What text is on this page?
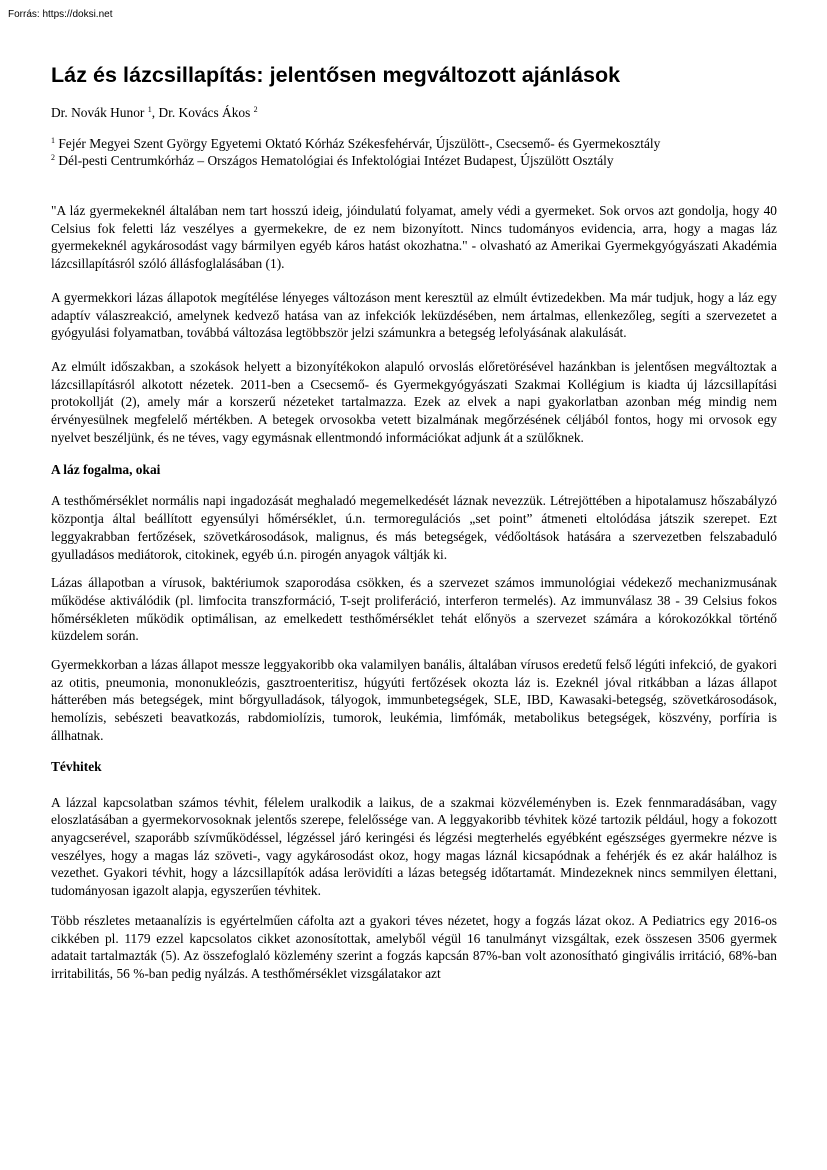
Forrás: https://doksi.net
Láz és lázcsillapítás: jelentősen megváltozott ajánlások
Dr. Novák Hunor $^1$, Dr. Kovács Ákos $^2$
$^1$ Fejér Megyei Szent György Egyetemi Oktató Kórház Székesfehérvár, Újszülött-, Csecsemő- és Gyermekosztály
$^2$ Dél-pesti Centrumkórház – Országos Hematológiai és Infektológiai Intézet Budapest, Újszülött Osztály

"A láz gyermekeknél általában nem tart hosszú ideig, jóindulatú folyamat, amely védi a gyermeket. Sok orvos azt gondolja, hogy 40 Celsius fok feletti láz veszélyes a gyermekekre, de ez nem bizonyított. Nincs tudományos evidencia, arra, hogy a magas láz gyermekeknél agykárosodást vagy bármilyen egyéb káros hatást okozhatna." - olvasható az Amerikai Gyermekgyógyászati Akadémia lázcsillapításról szóló állásfoglalásában (1).

A gyermekkori lázas állapotok megítélése lényeges változáson ment keresztül az elmúlt évtizedekben. Ma már tudjuk, hogy a láz egy adaptív válaszreakció, amelynek kedvező hatása van az infekciók leküzdésében, nem ártalmas, ellenkezőleg, segíti a szervezetet a gyógyulási folyamatban, továbbá változása legtöbbször jelzi számunkra a betegség lefolyásának alakulását.

Az elmúlt időszakban, a szokások helyett a bizonyítékokon alapuló orvoslás előretörésével hazánkban is jelentősen megváltoztak a lázcsillapításról alkotott nézetek. 2011-ben a Csecsemő- és Gyermekgyógyászati Szakmai Kollégium is kiadta új lázcsillapítási protokollját (2), amely már a korszerű nézeteket tartalmazza. Ezek az elvek a napi gyakorlatban azonban még mindig nem érvényesülnek megfelelő mértékben. A betegek orvosokba vetett bizalmának megőrzésének céljából fontos, hogy mi orvosok egy nyelvet beszéljünk, és ne téves, vagy egymásnak ellentmondó információkat adjunk át a szülőknek.

A láz fogalma, okai

A testhőmérséklet normális napi ingadozását meghaladó megemelkedését láznak nevezzük. Létrejöttében a hipotalamusz hőszabályzó központja által beállított egyensúlyi hőmérséklet, ú.n. termoregulációs „set point” átmeneti eltolódása játszik szerepet. Ezt leggyakrabban fertőzések, szövetkárosodások, malignus, és más betegségek, védőoltások hatására a szervezetben felszabaduló gyulladásos mediátorok, citokinek, egyéb ú.n. pirogén anyagok váltják ki.

Lázas állapotban a vírusok, baktériumok szaporodása csökken, és a szervezet számos immunológiai védekező mechanizmusának működése aktiválódik (pl. limfocita transzformáció, T-sejt proliferáció, interferon termelés). Az immunválasz 38 - 39 Celsius fokos hőmérsékleten működik optimálisan, az emelkedett testhőmérséklet tehát előnyös a szervezet számára a kórokozókkal történő küzdelem során.

Gyermekkorban a lázas állapot messze leggyakoribb oka valamilyen banális, általában vírusos eredetű felső légúti infekció, de gyakori az otitis, pneumonia, mononukleózis, gasztroenteritisz, húgyúti fertőzések okozta láz is. Ezeknél jóval ritkábban a lázas állapot hátterében más betegségek, mint bőrgyulladások, tályogok, immunbetegségek, SLE, IBD, Kawasaki-betegség, szövetkárosodások, hemolízis, sebészeti beavatkozás, rabdomiolízis, tumorok, leukémia, limfómák, metabolikus betegségek, köszvény, porfíria is állhatnak.

Tévhitek

A lázzal kapcsolatban számos tévhit, félelem uralkodik a laikus, de a szakmai közvéleményben is. Ezek fennmaradásában, vagy eloszlatásában a gyermekorvosoknak jelentős szerepe, felelőssége van. A leggyakoribb tévhitek közé tartozik például, hogy a fokozott anyagcserével, szaporább szívműködéssel, légzéssel járó keringési és légzési megterhelés egyébként egészséges gyermekre nézve is veszélyes, hogy a magas láz szöveti-, vagy agykárosodást okoz, hogy magas láznál kicsapódnak a fehérjék és ez akár halálhoz is vezethet. Gyakori tévhit, hogy a lázcsillapítók adása lerövidíti a lázas betegség időtartamát. Mindezeknek nincs semmilyen élettani, tudományosan igazolt alapja, egyszerűen tévhitek.

Több részletes metaanalízis is egyértelműen cáfolta azt a gyakori téves nézetet, hogy a fogzás lázat okoz. A Pediatrics egy 2016-os cikkében pl. 1179 ezzel kapcsolatos cikket azonosítottak, amelyből végül 16 tanulmányt vizsgáltak, ezek összesen 3506 gyermek adatait tartalmazták (5). Az összefoglaló közlemény szerint a fogzás kapcsán 87%-ban volt azonosítható gingivális irritáció, 68%-ban irritabilitás, 56 %-ban pedig nyálzás. A testhőmérséklet vizsgálatakor azt
